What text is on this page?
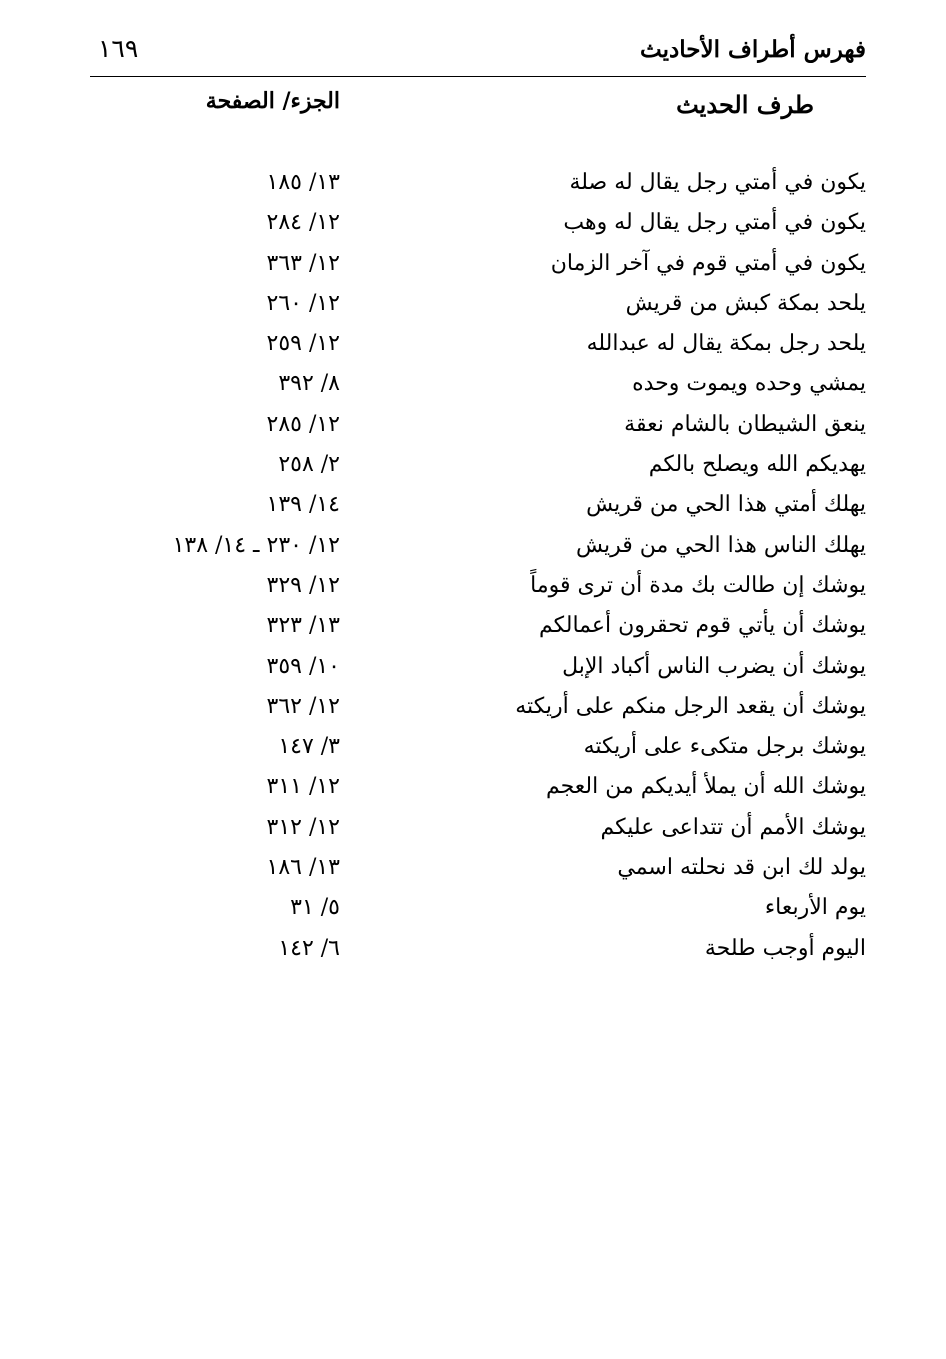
فهرس أطراف الأحاديث
١٦٩
طرف الحديث
الجزء/ الصفحة
يكون في أمتي رجل يقال له صلة
١٣/ ١٨٥
يكون في أمتي رجل يقال له وهب
١٢/ ٢٨٤
يكون في أمتي قوم في آخر الزمان
١٢/ ٣٦٣
يلحد بمكة كبش من قريش
١٢/ ٢٦٠
يلحد رجل بمكة يقال له عبدالله
١٢/ ٢٥٩
يمشي وحده ويموت وحده
٨/ ٣٩٢
ينعق الشيطان بالشام نعقة
١٢/ ٢٨٥
يهديكم الله ويصلح بالكم
٢/ ٢٥٨
يهلك أمتي هذا الحي من قريش
١٤/ ١٣٩
يهلك الناس هذا الحي من قريش
١٢/ ٢٣٠ ـ ١٤/ ١٣٨
يوشك إن طالت بك مدة أن ترى قوماً
١٢/ ٣٢٩
يوشك أن يأتي قوم تحقرون أعمالكم
١٣/ ٣٢٣
يوشك أن يضرب الناس أكباد الإبل
١٠/ ٣٥٩
يوشك أن يقعد الرجل منكم على أريكته
١٢/ ٣٦٢
يوشك برجل متكىء على أريكته
٣/ ١٤٧
يوشك الله أن يملأ أيديكم من العجم
١٢/ ٣١١
يوشك الأمم أن تتداعى عليكم
١٢/ ٣١٢
يولد لك ابن قد نحلته اسمي
١٣/ ١٨٦
يوم الأربعاء
٥/ ٣١
اليوم أوجب طلحة
٦/ ١٤٢
